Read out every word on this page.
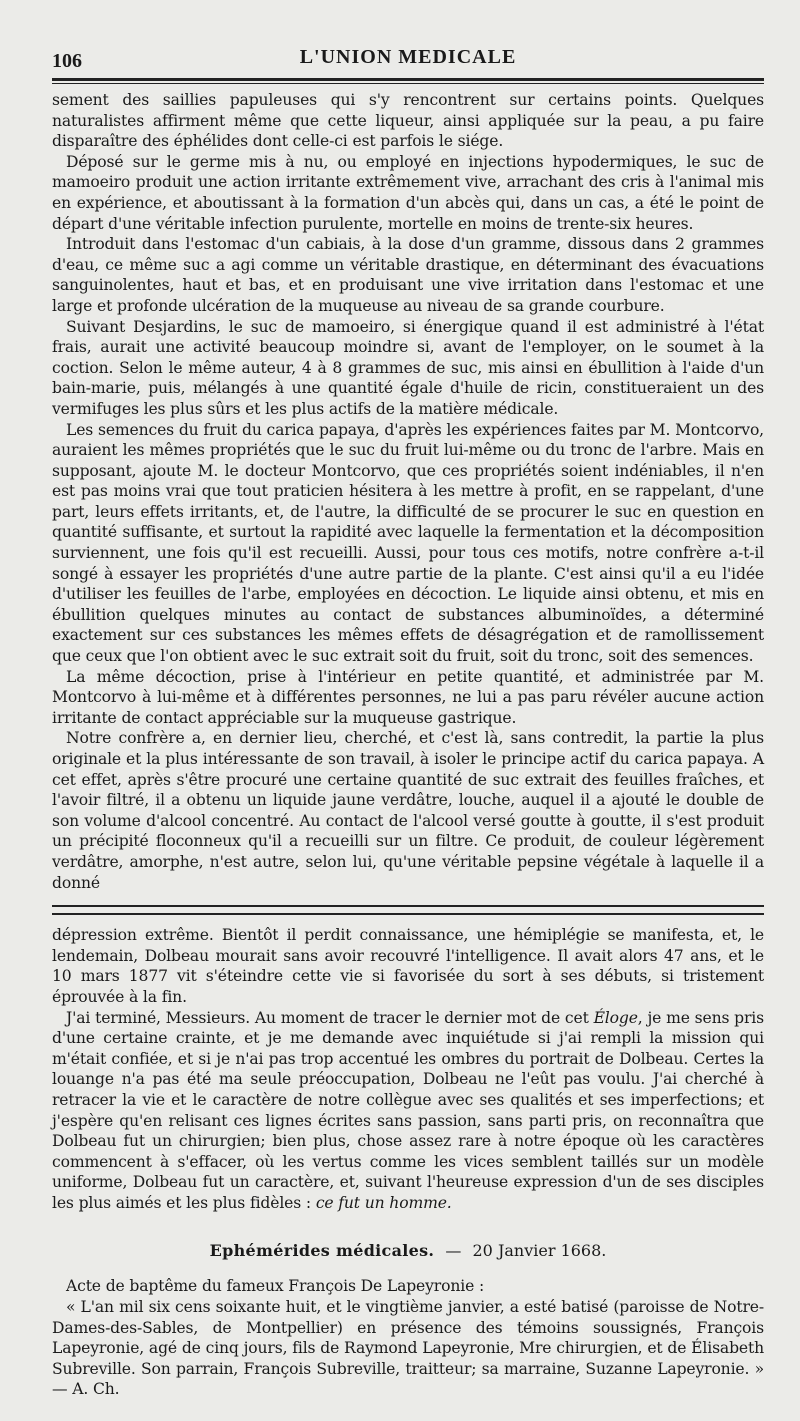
106	L'UNION MEDICALE

sement des saillies papuleuses qui s'y rencontrent sur certains points. Quelques naturalistes affirment même que cette liqueur, ainsi appliquée sur la peau, a pu faire disparaître des éphélides dont celle-ci est parfois le siége.

Déposé sur le germe mis à nu, ou employé en injections hypodermiques, le suc de mamoeiro produit une action irritante extrêmement vive, arrachant des cris à l'animal mis en expérience, et aboutissant à la formation d'un abcès qui, dans un cas, a été le point de départ d'une véritable infection purulente, mortelle en moins de trente-six heures.

Introduit dans l'estomac d'un cabiais, à la dose d'un gramme, dissous dans 2 grammes d'eau, ce même suc a agi comme un véritable drastique, en déterminant des évacuations sanguinolentes, haut et bas, et en produisant une vive irritation dans l'estomac et une large et profonde ulcération de la muqueuse au niveau de sa grande courbure.

Suivant Desjardins, le suc de mamoeiro, si énergique quand il est administré à l'état frais, aurait une activité beaucoup moindre si, avant de l'employer, on le soumet à la coction. Selon le même auteur, 4 à 8 grammes de suc, mis ainsi en ébullition à l'aide d'un bain-marie, puis, mélangés à une quantité égale d'huile de ricin, constitueraient un des vermifuges les plus sûrs et les plus actifs de la matière médicale.

Les semences du fruit du carica papaya, d'après les expériences faites par M. Montcorvo, auraient les mêmes propriétés que le suc du fruit lui-même ou du tronc de l'arbre. Mais en supposant, ajoute M. le docteur Montcorvo, que ces propriétés soient indéniables, il n'en est pas moins vrai que tout praticien hésitera à les mettre à profit, en se rappelant, d'une part, leurs effets irritants, et, de l'autre, la difficulté de se procurer le suc en question en quantité suffisante, et surtout la rapidité avec laquelle la fermentation et la décomposition surviennent, une fois qu'il est recueilli. Aussi, pour tous ces motifs, notre confrère a-t-il songé à essayer les propriétés d'une autre partie de la plante. C'est ainsi qu'il a eu l'idée d'utiliser les feuilles de l'arbe, employées en décoction. Le liquide ainsi obtenu, et mis en ébullition quelques minutes au contact de substances albuminoïdes, a déterminé exactement sur ces substances les mêmes effets de désagrégation et de ramollissement que ceux que l'on obtient avec le suc extrait soit du fruit, soit du tronc, soit des semences.

La même décoction, prise à l'intérieur en petite quantité, et administrée par M. Montcorvo à lui-même et à différentes personnes, ne lui a pas paru révéler aucune action irritante de contact appréciable sur la muqueuse gastrique.

Notre confrère a, en dernier lieu, cherché, et c'est là, sans contredit, la partie la plus originale et la plus intéressante de son travail, à isoler le principe actif du carica papaya. A cet effet, après s'être procuré une certaine quantité de suc extrait des feuilles fraîches, et l'avoir filtré, il a obtenu un liquide jaune verdâtre, louche, auquel il a ajouté le double de son volume d'alcool concentré. Au contact de l'alcool versé goutte à goutte, il s'est produit un précipité floconneux qu'il a recueilli sur un filtre. Ce produit, de couleur légèrement verdâtre, amorphe, n'est autre, selon lui, qu'une véritable pepsine végétale à laquelle il a donné

dépression extrême. Bientôt il perdit connaissance, une hémiplégie se manifesta, et, le lendemain, Dolbeau mourait sans avoir recouvré l'intelligence. Il avait alors 47 ans, et le 10 mars 1877 vit s'éteindre cette vie si favorisée du sort à ses débuts, si tristement éprouvée à la fin.

J'ai terminé, Messieurs. Au moment de tracer le dernier mot de cet Éloge, je me sens pris d'une certaine crainte, et je me demande avec inquiétude si j'ai rempli la mission qui m'était confiée, et si je n'ai pas trop accentué les ombres du portrait de Dolbeau. Certes la louange n'a pas été ma seule préoccupation, Dolbeau ne l'eût pas voulu. J'ai cherché à retracer la vie et le caractère de notre collègue avec ses qualités et ses imperfections; et j'espère qu'en relisant ces lignes écrites sans passion, sans parti pris, on reconnaîtra que Dolbeau fut un chirurgien; bien plus, chose assez rare à notre époque où les caractères commencent à s'effacer, où les vertus comme les vices semblent taillés sur un modèle uniforme, Dolbeau fut un caractère, et, suivant l'heureuse expression d'un de ses disciples les plus aimés et les plus fidèles : ce fut un homme.

Ephémérides médicales. — 20 Janvier 1668.

Acte de baptême du fameux François De Lapeyronie :

« L'an mil six cens soixante huit, et le vingtième janvier, a esté batisé (paroisse de Notre-Dames-des-Sables, de Montpellier) en présence des témoins soussignés, François Lapeyronie, agé de cinq jours, fils de Raymond Lapeyronie, Mre chirurgien, et de Élisabeth Subreville. Son parrain, François Subreville, traitteur; sa marraine, Suzanne Lapeyronie. » — A. Ch.
